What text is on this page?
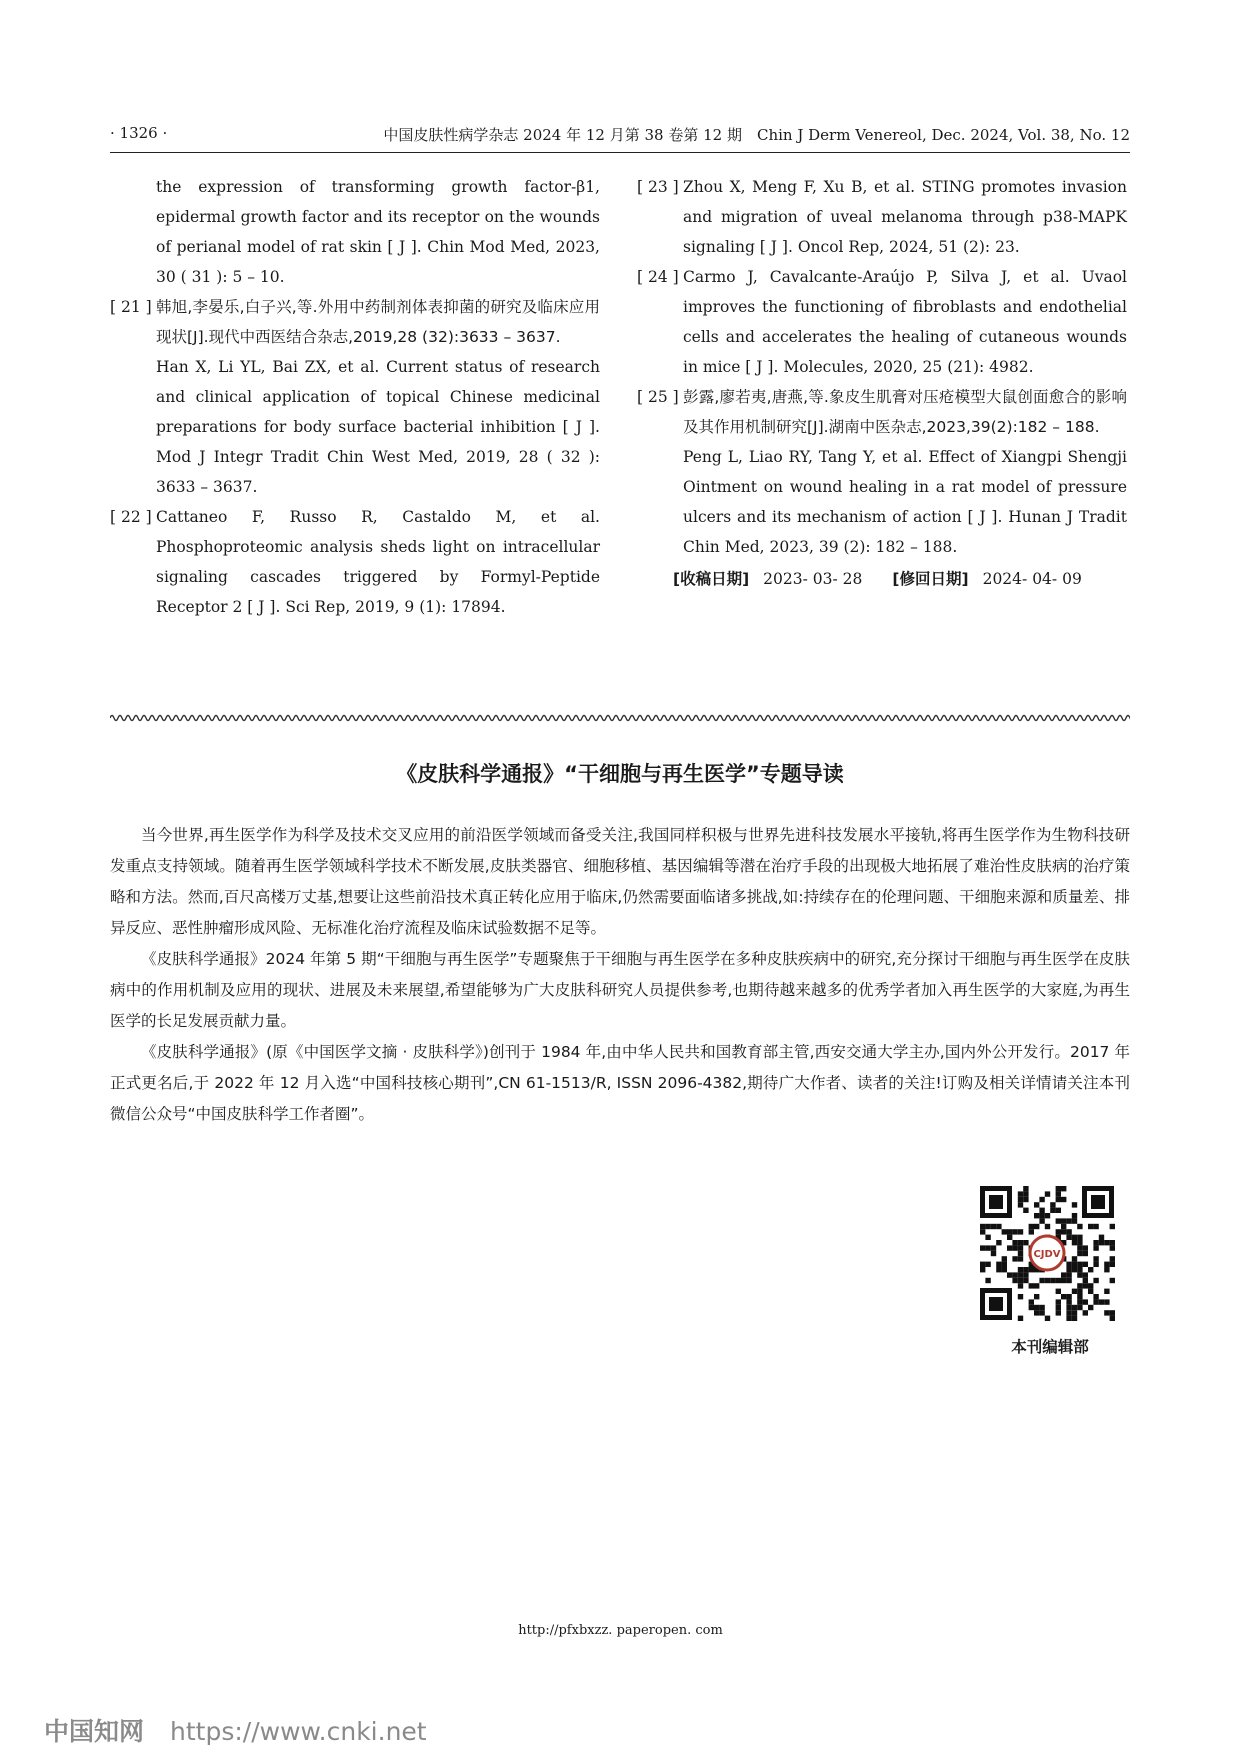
· 1326 ·	中国皮肤性病学杂志 2024 年 12 月第 38 卷第 12 期　Chin J Derm Venereol, Dec. 2024, Vol. 38, No. 12
the expression of transforming growth factor-β1, epidermal growth factor and its receptor on the wounds of perianal model of rat skin [ J ]. Chin Mod Med, 2023, 30 ( 31 ): 5 – 10.
[ 21 ] 韩旭,李晏乐,白子兴,等.外用中药制剂体表抑菌的研究及临床应用现状[J].现代中西医结合杂志,2019,28 (32):3633 – 3637.
Han X, Li YL, Bai ZX, et al. Current status of research and clinical application of topical Chinese medicinal preparations for body surface bacterial inhibition [ J ]. Mod J Integr Tradit Chin West Med, 2019, 28 ( 32 ): 3633 – 3637.
[ 22 ] Cattaneo F, Russo R, Castaldo M, et al. Phosphoproteomic analysis sheds light on intracellular signaling cascades triggered by Formyl-Peptide Receptor 2 [ J ]. Sci Rep, 2019, 9 (1): 17894.
[ 23 ] Zhou X, Meng F, Xu B, et al. STING promotes invasion and migration of uveal melanoma through p38-MAPK signaling [ J ]. Oncol Rep, 2024, 51 (2): 23.
[ 24 ] Carmo J, Cavalcante-Araújo P, Silva J, et al. Uvaol improves the functioning of fibroblasts and endothelial cells and accelerates the healing of cutaneous wounds in mice [ J ]. Molecules, 2020, 25 (21): 4982.
[ 25 ] 彭露,廖若夷,唐燕,等.象皮生肌膏对压疮模型大鼠创面愈合的影响及其作用机制研究[J].湖南中医杂志,2023,39(2):182 – 188.
Peng L, Liao RY, Tang Y, et al. Effect of Xiangpi Shengji Ointment on wound healing in a rat model of pressure ulcers and its mechanism of action [ J ]. Hunan J Tradit Chin Med, 2023, 39 (2): 182 – 188.
[收稿日期] 2023- 03- 28 [修回日期] 2024- 04- 09
《皮肤科学通报》“干细胞与再生医学”专题导读

当今世界,再生医学作为科学及技术交叉应用的前沿医学领域而备受关注,我国同样积极与世界先进科技发展水平接轨,将再生医学作为生物科技研发重点支持领域。随着再生医学领域科学技术不断发展,皮肤类器官、细胞移植、基因编辑等潜在治疗手段的出现极大地拓展了难治性皮肤病的治疗策略和方法。然而,百尺高楼万丈基,想要让这些前沿技术真正转化应用于临床,仍然需要面临诸多挑战,如:持续存在的伦理问题、干细胞来源和质量差、排异反应、恶性肿瘤形成风险、无标准化治疗流程及临床试验数据不足等。

《皮肤科学通报》2024 年第 5 期“干细胞与再生医学”专题聚焦于干细胞与再生医学在多种皮肤疾病中的研究,充分探讨干细胞与再生医学在皮肤病中的作用机制及应用的现状、进展及未来展望,希望能够为广大皮肤科研究人员提供参考,也期待越来越多的优秀学者加入再生医学的大家庭,为再生医学的长足发展贡献力量。

《皮肤科学通报》(原《中国医学文摘 · 皮肤科学》)创刊于 1984 年,由中华人民共和国教育部主管,西安交通大学主办,国内外公开发行。2017 年正式更名后,于 2022 年 12 月入选“中国科技核心期刊”,CN 61-1513/R, ISSN 2096-4382,期待广大作者、读者的关注!订购及相关详情请关注本刊微信公众号“中国皮肤科学工作者圈”。

CJDV
本刊编辑部
http://pfxbxzz. paperopen. com
中国知网 https://www.cnki.net
